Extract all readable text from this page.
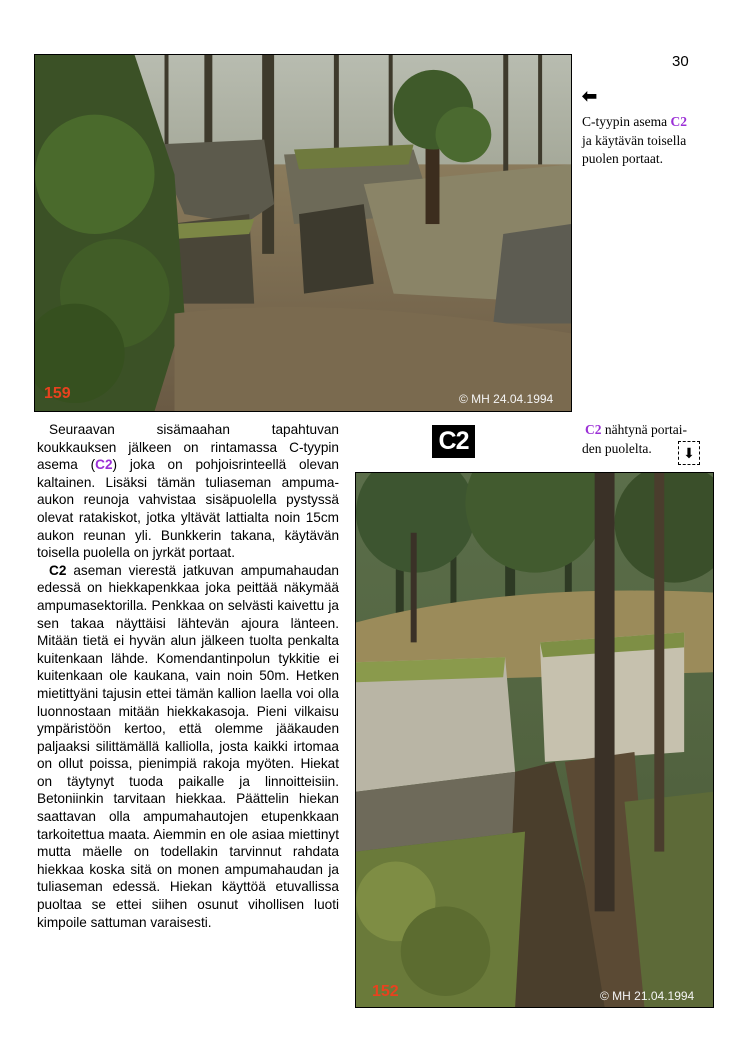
30
159	© MH 24.04.1994
⬅
C-tyypin asema C2
ja käytävän toisella
puolen portaat.
C2	C2 nähtynä portai-
den puolelta.	⬇

Seuraavan sisämaahan tapahtuvan koukkauksen jälkeen on rintamassa C-tyypin asema (C2) joka on pohjoisrinteellä olevan kaltainen. Lisäksi tämän tuliaseman ampuma-aukon reunoja vahvistaa sisäpuolella pystyssä olevat ratakiskot, jotka yltävät lattialta noin 15cm aukon reunan yli. Bunkkerin takana, käytävän toisella puolella on jyrkät portaat.

C2 aseman vierestä jatkuvan ampumahaudan edessä on hiekkapenkkaa joka peittää näkymää ampumasektorilla. Penkkaa on selvästi kaivettu ja sen takaa näyttäisi lähtevän ajoura länteen. Mitään tietä ei hyvän alun jälkeen tuolta penkalta kuitenkaan lähde. Komendantinpolun tykkitie ei kuitenkaan ole kaukana, vain noin 50m. Hetken mietittyäni tajusin ettei tämän kallion laella voi olla luonnostaan mitään hiekkakasoja. Pieni vilkaisu ympäristöön kertoo, että olemme jääkauden paljaaksi silittämällä kalliolla, josta kaikki irtomaa on ollut poissa, pienimpiä rakoja myöten. Hiekat on täytynyt tuoda paikalle ja linnoitteisiin. Betoniinkin tarvitaan hiekkaa. Päättelin hiekan saattavan olla ampumahautojen etupenkkaan tarkoitettua maata. Aiemmin en ole asiaa miettinyt mutta mäelle on todellakin tarvinnut rahdata hiekkaa koska sitä on monen ampumahaudan ja tuliaseman edessä. Hiekan käyttöä etuvallissa puoltaa se ettei siihen osunut vihollisen luoti kimpoile sattuman varaisesti.

152	© MH 21.04.1994
